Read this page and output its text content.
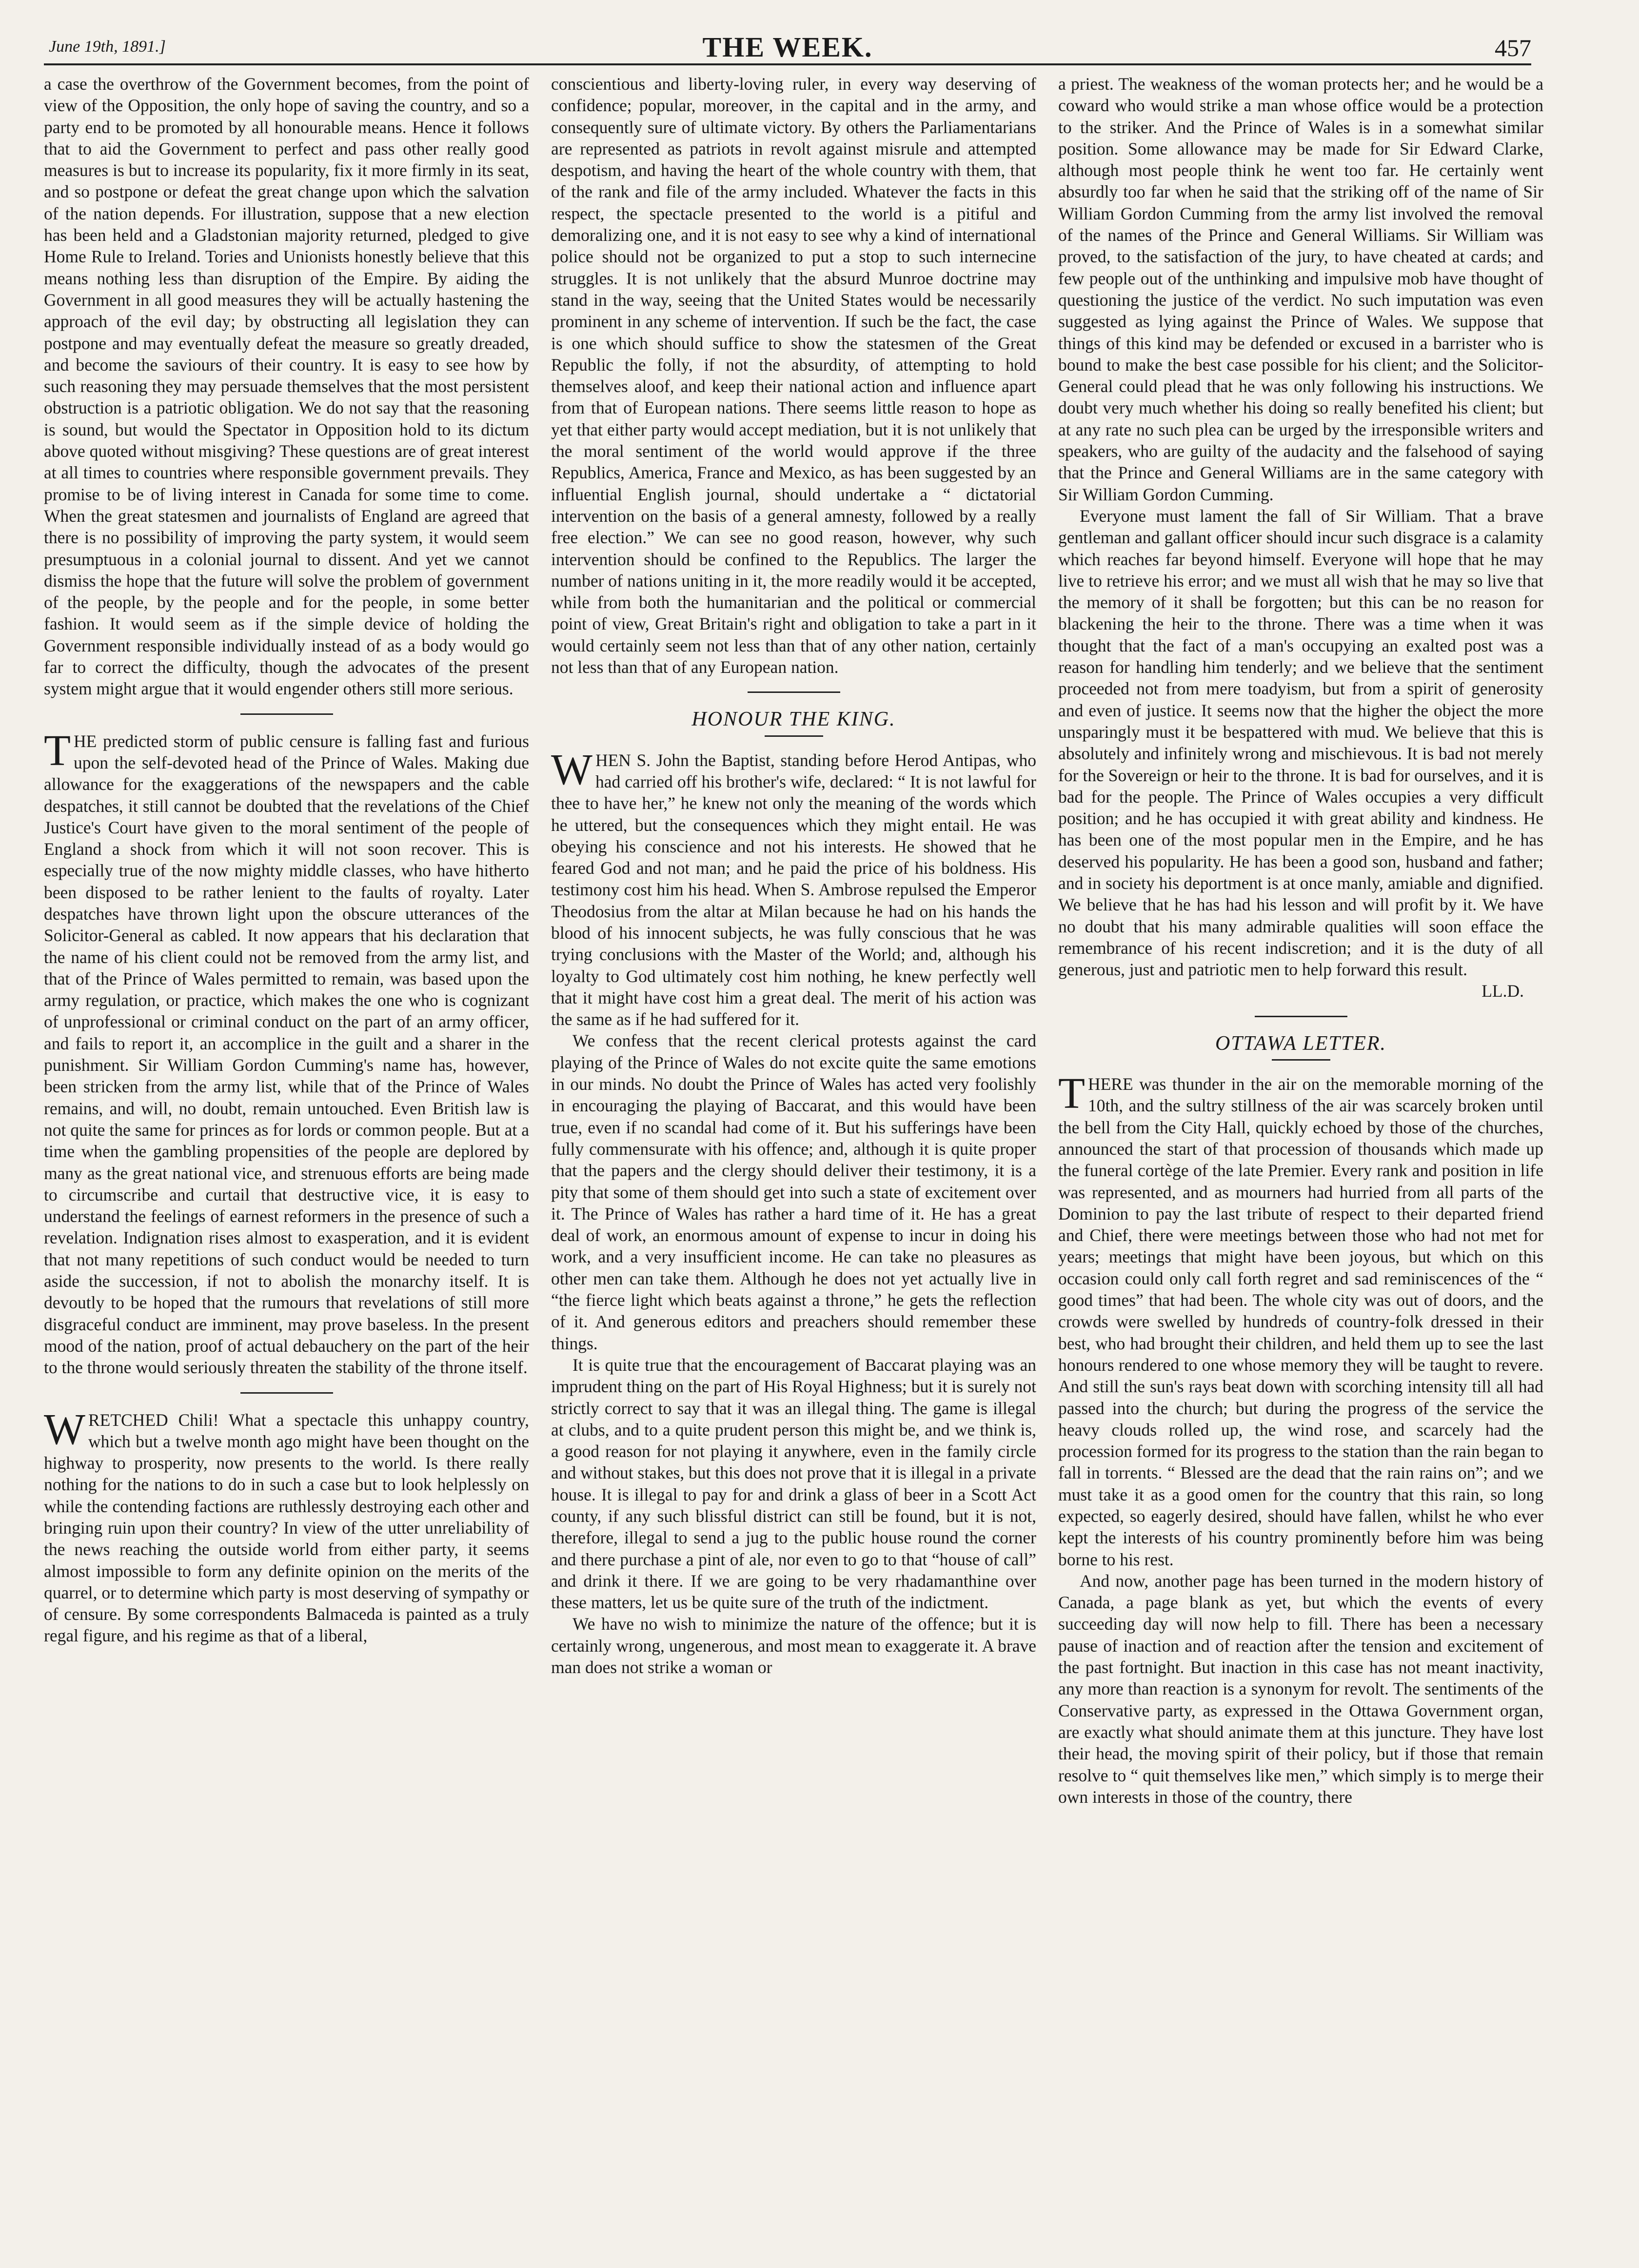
June 19th, 1891.]	THE WEEK.	457

a case the overthrow of the Government becomes, from the point of view of the Opposition, the only hope of saving the country, and so a party end to be promoted by all honourable means. Hence it follows that to aid the Government to perfect and pass other really good measures is but to increase its popularity, fix it more firmly in its seat, and so postpone or defeat the great change upon which the salvation of the nation depends. For illustration, suppose that a new election has been held and a Gladstonian majority returned, pledged to give Home Rule to Ireland. Tories and Unionists honestly believe that this means nothing less than disruption of the Empire. By aiding the Government in all good measures they will be actually hastening the approach of the evil day; by obstructing all legislation they can postpone and may eventually defeat the measure so greatly dreaded, and become the saviours of their country. It is easy to see how by such reasoning they may persuade themselves that the most persistent obstruction is a patriotic obligation. We do not say that the reasoning is sound, but would the Spectator in Opposition hold to its dictum above quoted without misgiving? These questions are of great interest at all times to countries where responsible government prevails. They promise to be of living interest in Canada for some time to come. When the great statesmen and journalists of England are agreed that there is no possibility of improving the party system, it would seem presumptuous in a colonial journal to dissent. And yet we cannot dismiss the hope that the future will solve the problem of government of the people, by the people and for the people, in some better fashion. It would seem as if the simple device of holding the Government responsible individually instead of as a body would go far to correct the difficulty, though the advocates of the present system might argue that it would engender others still more serious.

THE predicted storm of public censure is falling fast and furious upon the self-devoted head of the Prince of Wales. Making due allowance for the exaggerations of the newspapers and the cable despatches, it still cannot be doubted that the revelations of the Chief Justice's Court have given to the moral sentiment of the people of England a shock from which it will not soon recover. This is especially true of the now mighty middle classes, who have hitherto been disposed to be rather lenient to the faults of royalty. Later despatches have thrown light upon the obscure utterances of the Solicitor-General as cabled. It now appears that his declaration that the name of his client could not be removed from the army list, and that of the Prince of Wales permitted to remain, was based upon the army regulation, or practice, which makes the one who is cognizant of unprofessional or criminal conduct on the part of an army officer, and fails to report it, an accomplice in the guilt and a sharer in the punishment. Sir William Gordon Cumming's name has, however, been stricken from the army list, while that of the Prince of Wales remains, and will, no doubt, remain untouched. Even British law is not quite the same for princes as for lords or common people. But at a time when the gambling propensities of the people are deplored by many as the great national vice, and strenuous efforts are being made to circumscribe and curtail that destructive vice, it is easy to understand the feelings of earnest reformers in the presence of such a revelation. Indignation rises almost to exasperation, and it is evident that not many repetitions of such conduct would be needed to turn aside the succession, if not to abolish the monarchy itself. It is devoutly to be hoped that the rumours that revelations of still more disgraceful conduct are imminent, may prove baseless. In the present mood of the nation, proof of actual debauchery on the part of the heir to the throne would seriously threaten the stability of the throne itself.

WRETCHED Chili! What a spectacle this unhappy country, which but a twelve month ago might have been thought on the highway to prosperity, now presents to the world. Is there really nothing for the nations to do in such a case but to look helplessly on while the contending factions are ruthlessly destroying each other and bringing ruin upon their country? In view of the utter unreliability of the news reaching the outside world from either party, it seems almost impossible to form any definite opinion on the merits of the quarrel, or to determine which party is most deserving of sympathy or of censure. By some correspondents Balmaceda is painted as a truly regal figure, and his regime as that of a liberal,

conscientious and liberty-loving ruler, in every way deserving of confidence; popular, moreover, in the capital and in the army, and consequently sure of ultimate victory. By others the Parliamentarians are represented as patriots in revolt against misrule and attempted despotism, and having the heart of the whole country with them, that of the rank and file of the army included. Whatever the facts in this respect, the spectacle presented to the world is a pitiful and demoralizing one, and it is not easy to see why a kind of international police should not be organized to put a stop to such internecine struggles. It is not unlikely that the absurd Munroe doctrine may stand in the way, seeing that the United States would be necessarily prominent in any scheme of intervention. If such be the fact, the case is one which should suffice to show the statesmen of the Great Republic the folly, if not the absurdity, of attempting to hold themselves aloof, and keep their national action and influence apart from that of European nations. There seems little reason to hope as yet that either party would accept mediation, but it is not unlikely that the moral sentiment of the world would approve if the three Republics, America, France and Mexico, as has been suggested by an influential English journal, should undertake a “ dictatorial intervention on the basis of a general amnesty, followed by a really free election.” We can see no good reason, however, why such intervention should be confined to the Republics. The larger the number of nations uniting in it, the more readily would it be accepted, while from both the humanitarian and the political or commercial point of view, Great Britain's right and obligation to take a part in it would certainly seem not less than that of any other nation, certainly not less than that of any European nation.

HONOUR THE KING.

WHEN S. John the Baptist, standing before Herod Antipas, who had carried off his brother's wife, declared: “ It is not lawful for thee to have her,” he knew not only the meaning of the words which he uttered, but the consequences which they might entail. He was obeying his conscience and not his interests. He showed that he feared God and not man; and he paid the price of his boldness. His testimony cost him his head. When S. Ambrose repulsed the Emperor Theodosius from the altar at Milan because he had on his hands the blood of his innocent subjects, he was fully conscious that he was trying conclusions with the Master of the World; and, although his loyalty to God ultimately cost him nothing, he knew perfectly well that it might have cost him a great deal. The merit of his action was the same as if he had suffered for it.

We confess that the recent clerical protests against the card playing of the Prince of Wales do not excite quite the same emotions in our minds. No doubt the Prince of Wales has acted very foolishly in encouraging the playing of Baccarat, and this would have been true, even if no scandal had come of it. But his sufferings have been fully commensurate with his offence; and, although it is quite proper that the papers and the clergy should deliver their testimony, it is a pity that some of them should get into such a state of excitement over it. The Prince of Wales has rather a hard time of it. He has a great deal of work, an enormous amount of expense to incur in doing his work, and a very insufficient income. He can take no pleasures as other men can take them. Although he does not yet actually live in “the fierce light which beats against a throne,” he gets the reflection of it. And generous editors and preachers should remember these things.

It is quite true that the encouragement of Baccarat playing was an imprudent thing on the part of His Royal Highness; but it is surely not strictly correct to say that it was an illegal thing. The game is illegal at clubs, and to a quite prudent person this might be, and we think is, a good reason for not playing it anywhere, even in the family circle and without stakes, but this does not prove that it is illegal in a private house. It is illegal to pay for and drink a glass of beer in a Scott Act county, if any such blissful district can still be found, but it is not, therefore, illegal to send a jug to the public house round the corner and there purchase a pint of ale, nor even to go to that “house of call” and drink it there. If we are going to be very rhadamanthine over these matters, let us be quite sure of the truth of the indictment.

We have no wish to minimize the nature of the offence; but it is certainly wrong, ungenerous, and most mean to exaggerate it. A brave man does not strike a woman or

a priest. The weakness of the woman protects her; and he would be a coward who would strike a man whose office would be a protection to the striker. And the Prince of Wales is in a somewhat similar position. Some allowance may be made for Sir Edward Clarke, although most people think he went too far. He certainly went absurdly too far when he said that the striking off of the name of Sir William Gordon Cumming from the army list involved the removal of the names of the Prince and General Williams. Sir William was proved, to the satisfaction of the jury, to have cheated at cards; and few people out of the unthinking and impulsive mob have thought of questioning the justice of the verdict. No such imputation was even suggested as lying against the Prince of Wales. We suppose that things of this kind may be defended or excused in a barrister who is bound to make the best case possible for his client; and the Solicitor-General could plead that he was only following his instructions. We doubt very much whether his doing so really benefited his client; but at any rate no such plea can be urged by the irresponsible writers and speakers, who are guilty of the audacity and the falsehood of saying that the Prince and General Williams are in the same category with Sir William Gordon Cumming.

Everyone must lament the fall of Sir William. That a brave gentleman and gallant officer should incur such disgrace is a calamity which reaches far beyond himself. Everyone will hope that he may live to retrieve his error; and we must all wish that he may so live that the memory of it shall be forgotten; but this can be no reason for blackening the heir to the throne. There was a time when it was thought that the fact of a man's occupying an exalted post was a reason for handling him tenderly; and we believe that the sentiment proceeded not from mere toadyism, but from a spirit of generosity and even of justice. It seems now that the higher the object the more unsparingly must it be bespattered with mud. We believe that this is absolutely and infinitely wrong and mischievous. It is bad not merely for the Sovereign or heir to the throne. It is bad for ourselves, and it is bad for the people. The Prince of Wales occupies a very difficult position; and he has occupied it with great ability and kindness. He has been one of the most popular men in the Empire, and he has deserved his popularity. He has been a good son, husband and father; and in society his deportment is at once manly, amiable and dignified. We believe that he has had his lesson and will profit by it. We have no doubt that his many admirable qualities will soon efface the remembrance of his recent indiscretion; and it is the duty of all generous, just and patriotic men to help forward this result.

LL.D.
OTTAWA LETTER.

THERE was thunder in the air on the memorable morning of the 10th, and the sultry stillness of the air was scarcely broken until the bell from the City Hall, quickly echoed by those of the churches, announced the start of that procession of thousands which made up the funeral cortège of the late Premier. Every rank and position in life was represented, and as mourners had hurried from all parts of the Dominion to pay the last tribute of respect to their departed friend and Chief, there were meetings between those who had not met for years; meetings that might have been joyous, but which on this occasion could only call forth regret and sad reminiscences of the “ good times” that had been. The whole city was out of doors, and the crowds were swelled by hundreds of country-folk dressed in their best, who had brought their children, and held them up to see the last honours rendered to one whose memory they will be taught to revere. And still the sun's rays beat down with scorching intensity till all had passed into the church; but during the progress of the service the heavy clouds rolled up, the wind rose, and scarcely had the procession formed for its progress to the station than the rain began to fall in torrents. “ Blessed are the dead that the rain rains on”; and we must take it as a good omen for the country that this rain, so long expected, so eagerly desired, should have fallen, whilst he who ever kept the interests of his country prominently before him was being borne to his rest.

And now, another page has been turned in the modern history of Canada, a page blank as yet, but which the events of every succeeding day will now help to fill. There has been a necessary pause of inaction and of reaction after the tension and excitement of the past fortnight. But inaction in this case has not meant inactivity, any more than reaction is a synonym for revolt. The sentiments of the Conservative party, as expressed in the Ottawa Government organ, are exactly what should animate them at this juncture. They have lost their head, the moving spirit of their policy, but if those that remain resolve to “ quit themselves like men,” which simply is to merge their own interests in those of the country, there
